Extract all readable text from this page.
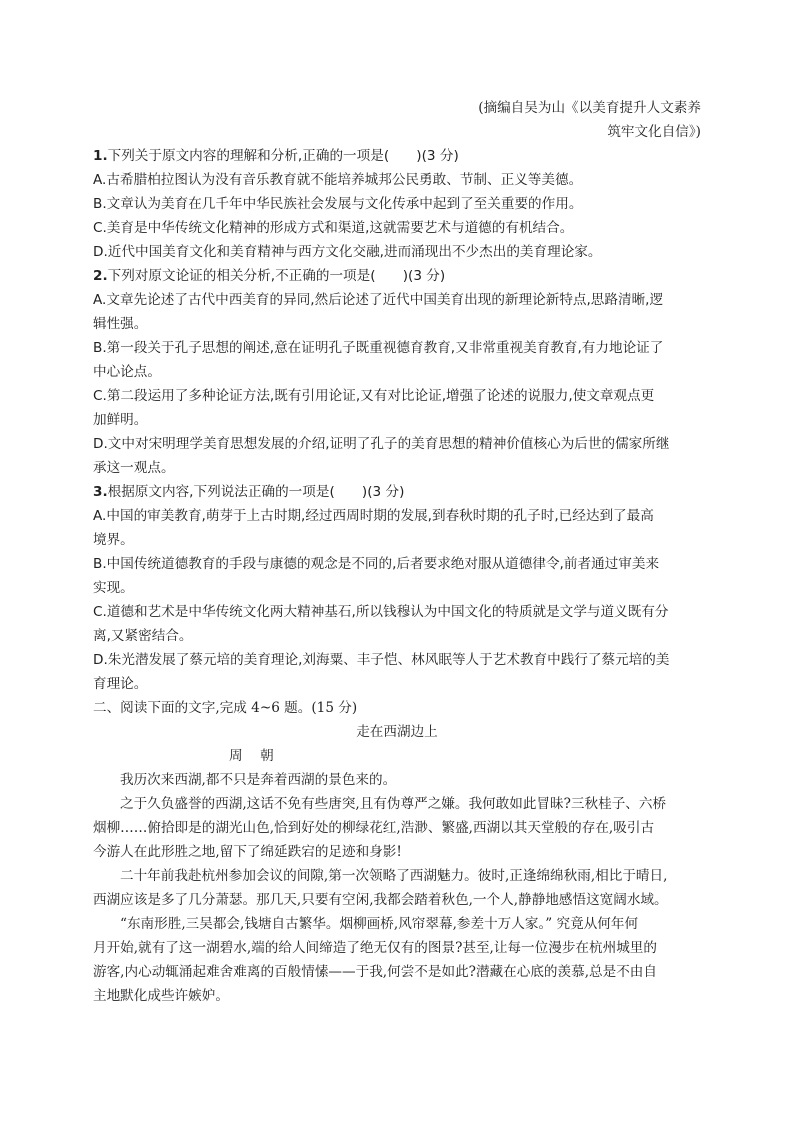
(摘编自吴为山《以美育提升人文素养
筑牢文化自信》)
1.下列关于原文内容的理解和分析,正确的一项是(　　)(3 分)
A.古希腊柏拉图认为没有音乐教育就不能培养城邦公民勇敢、节制、正义等美德。
B.文章认为美育在几千年中华民族社会发展与文化传承中起到了至关重要的作用。
C.美育是中华传统文化精神的形成方式和渠道,这就需要艺术与道德的有机结合。
D.近代中国美育文化和美育精神与西方文化交融,进而涌现出不少杰出的美育理论家。
2.下列对原文论证的相关分析,不正确的一项是(　　)(3 分)
A.文章先论述了古代中西美育的异同,然后论述了近代中国美育出现的新理论新特点,思路清晰,逻
辑性强。
B.第一段关于孔子思想的阐述,意在证明孔子既重视德育教育,又非常重视美育教育,有力地论证了
中心论点。
C.第二段运用了多种论证方法,既有引用论证,又有对比论证,增强了论述的说服力,使文章观点更
加鲜明。
D.文中对宋明理学美育思想发展的介绍,证明了孔子的美育思想的精神价值核心为后世的儒家所继
承这一观点。
3.根据原文内容,下列说法正确的一项是(　　)(3 分)
A.中国的审美教育,萌芽于上古时期,经过西周时期的发展,到春秋时期的孔子时,已经达到了最高
境界。
B.中国传统道德教育的手段与康德的观念是不同的,后者要求绝对服从道德律令,前者通过审美来
实现。
C.道德和艺术是中华传统文化两大精神基石,所以钱穆认为中国文化的特质就是文学与道义既有分
离,又紧密结合。
D.朱光潜发展了蔡元培的美育理论,刘海粟、丰子恺、林风眠等人于艺术教育中践行了蔡元培的美
育理论。
二、阅读下面的文字,完成 4~6 题。(15 分)
走在西湖边上
周　朝
我历次来西湖,都不只是奔着西湖的景色来的。
之于久负盛誉的西湖,这话不免有些唐突,且有伪尊严之嫌。我何敢如此冒昧?三秋桂子、六桥
烟柳……俯拾即是的湖光山色,恰到好处的柳绿花红,浩渺、繁盛,西湖以其天堂般的存在,吸引古
今游人在此形胜之地,留下了绵延跌宕的足迹和身影!
二十年前我赴杭州参加会议的间隙,第一次领略了西湖魅力。彼时,正逢绵绵秋雨,相比于晴日,
西湖应该是多了几分萧瑟。那几天,只要有空闲,我都会踏着秋色,一个人,静静地感悟这宽阔水域。
“东南形胜,三吴都会,钱塘自古繁华。烟柳画桥,风帘翠幕,参差十万人家。” 究竟从何年何
月开始,就有了这一湖碧水,端的给人间缔造了绝无仅有的图景?甚至,让每一位漫步在杭州城里的
游客,内心动辄涌起难舍难离的百般情愫——于我,何尝不是如此?潜藏在心底的羡慕,总是不由自
主地默化成些许嫉妒。
